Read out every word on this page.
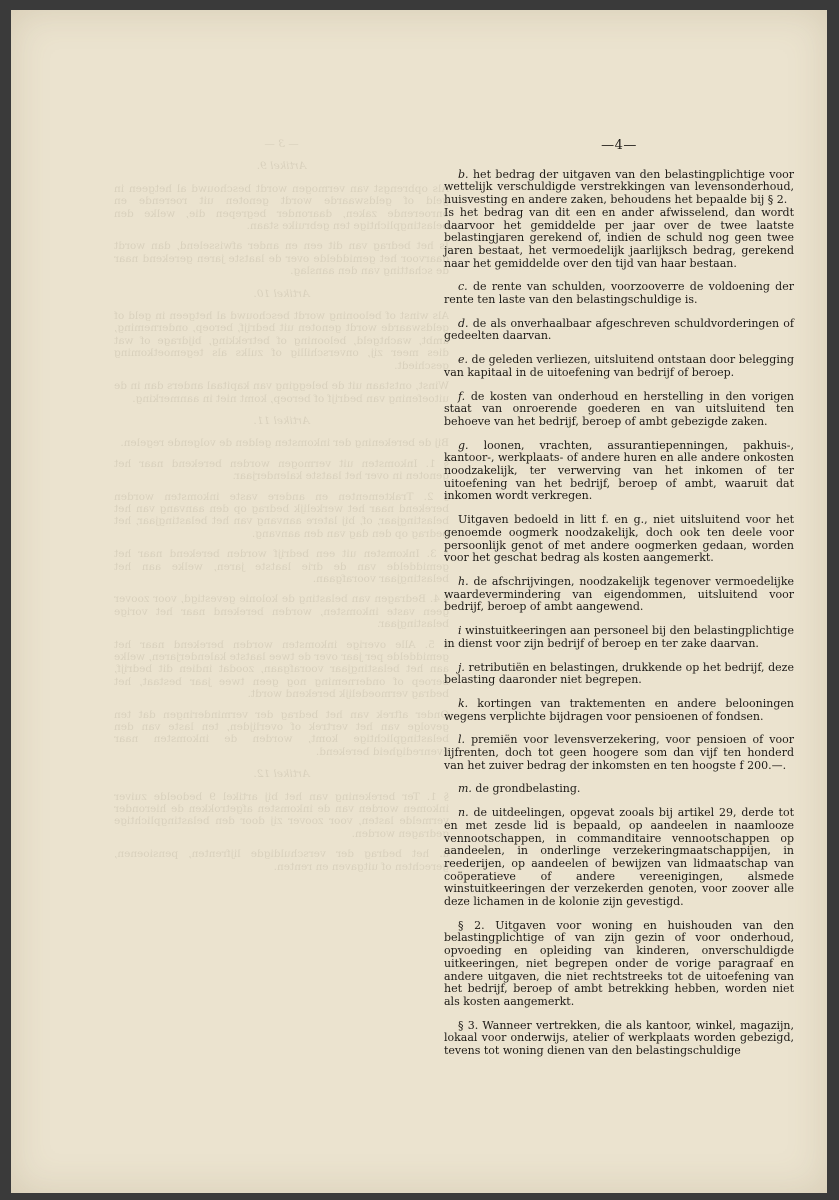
— 3 —
Artikel 9.

Als opbrengst van vermogen wordt beschouwd al hetgeen in geld of geldswaarde wordt genoten uit roerende en onroerende zaken, daaronder begrepen die, welke den belastingplichtige ten gebruike staan.

Is het bedrag van dit een en ander afwisselend, dan wordt daarvoor het gemiddelde over de laatste jaren gerekend naar de schatting van den aanslag.

Artikel 10.

Als winst of belooning wordt beschouwd al hetgeen in geld of geldswaarde wordt genoten uit bedrijf, beroep, onderneming, ambt, wachtgeld, belooning of betrekking, bijdrage of wat dies meer zij, onverschillig of zulks als tegemoetkoming geschiedt.

Winst, ontstaan uit de belegging van kapitaal anders dan in de uitoefening van bedrijf of beroep, komt niet in aanmerking.

Artikel 11.

Bij de berekening der inkomsten gelden de volgende regelen.

§ 1. Inkomsten uit vermogen worden berekend naar het genoten in over het laatste kalenderjaar.

§ 2. Traktementen en andere vaste inkomsten worden berekend naar het werkelijk bedrag op den aanvang van het belastingjaar, of, bij latere aanvang van het belastingjaar, het bedrag op den dag van den aanvang.

§ 3. Inkomsten uit een bedrijf worden berekend naar het gemiddelde van de drie laatste jaren, welke aan het belastingjaar voorafgaan.

§ 4. Bedragen van belasting de kolonie gevestigd, voor zoover geen vaste inkomsten, worden berekend naar het vorige belastingjaar.

§ 5. Alle overige inkomsten worden berekend naar het gemiddelde per jaar over de twee laatste kalenderjaren, welke aan het belastingjaar voorafgaan, zoodat indien dit bedrijf, beroep of onderneming nog geen twee jaar bestaat, het bedrag vermoedelijk berekend wordt.

Onder aftrek van het bedrag der verminderingen dat ten gevolge van het vertrek of overlijden, ten laste van den belastingplichtige komt, worden de inkomsten naar evenredigheid berekend.

Artikel 12.

§ 1. Ter berekening van het bij artikel 9 bedoelde zuiver inkomen worden van de inkomsten afgetrokken de hieronder vermelde lasten, voor zoover zij door den belastingplichtige gedragen worden.

a. het bedrag der verschuldigde lijfrenten, pensioenen, gerechten of uitgaven en renten.

—4—

b. het bedrag der uitgaven van den belastingplichtige voor wettelijk verschuldigde verstrekkingen van levensonderhoud, huisvesting en andere zaken, behoudens het bepaalde bij § 2.

Is het bedrag van dit een en ander afwisselend, dan wordt daarvoor het gemiddelde per jaar over de twee laatste belastingjaren gerekend of, indien de schuld nog geen twee jaren bestaat, het vermoedelijk jaarlijksch bedrag, gerekend naar het gemiddelde over den tijd van haar bestaan.

c. de rente van schulden, voorzooverre de voldoening der rente ten laste van den belastingschuldige is.

d. de als onverhaalbaar afgeschreven schuldvorderingen of gedeelten daarvan.

e. de geleden verliezen, uitsluitend ontstaan door belegging van kapitaal in de uitoefening van bedrijf of beroep.

f. de kosten van onderhoud en herstelling in den vorigen staat van onroerende goederen en van uitsluitend ten behoeve van het bedrijf, beroep of ambt gebezigde zaken.

g. loonen, vrachten, assurantiepenningen, pakhuis-, kantoor-, werkplaats- of andere huren en alle andere onkosten noodzakelijk, ter verwerving van het inkomen of ter uitoefening van het bedrijf, beroep of ambt, waaruit dat inkomen wordt verkregen.

Uitgaven bedoeld in litt f. en g., niet uitsluitend voor het genoemde oogmerk noodzakelijk, doch ook ten deele voor persoonlijk genot of met andere oogmerken gedaan, worden voor het geschat bedrag als kosten aangemerkt.

h. de afschrijvingen, noodzakelijk tegenover vermoedelijke waardevermindering van eigendommen, uitsluitend voor bedrijf, beroep of ambt aangewend.

i winstuitkeeringen aan personeel bij den belastingplichtige in dienst voor zijn bedrijf of beroep en ter zake daarvan.

j. retributiën en belastingen, drukkende op het bedrijf, deze belasting daaronder niet begrepen.

k. kortingen van traktementen en andere belooningen wegens verplichte bijdragen voor pensioenen of fondsen.

l. premiën voor levensverzekering, voor pensioen of voor lijfrenten, doch tot geen hoogere som dan vijf ten honderd van het zuiver bedrag der inkomsten en ten hoogste f 200.—.

m. de grondbelasting.

n. de uitdeelingen, opgevat zooals bij artikel 29, derde tot en met zesde lid is bepaald, op aandeelen in naamlooze vennootschappen, in commanditaire vennootschappen op aandeelen, in onderlinge verzekeringmaatschappijen, in reederijen, op aandeelen of bewijzen van lidmaatschap van coöperatieve of andere vereenigingen, alsmede winstuitkeeringen der verzekerden genoten, voor zoover alle deze lichamen in de kolonie zijn gevestigd.

§ 2. Uitgaven voor woning en huishouden van den belastingplichtige of van zijn gezin of voor onderhoud, opvoeding en opleiding van kinderen, onverschuldigde uitkeeringen, niet begrepen onder de vorige paragraaf en andere uitgaven, die niet rechtstreeks tot de uitoefening van het bedrijf, beroep of ambt betrekking hebben, worden niet als kosten aangemerkt.

§ 3. Wanneer vertrekken, die als kantoor, winkel, magazijn, lokaal voor onderwijs, atelier of werkplaats worden gebezigd, tevens tot woning dienen van den belastingschuldige
